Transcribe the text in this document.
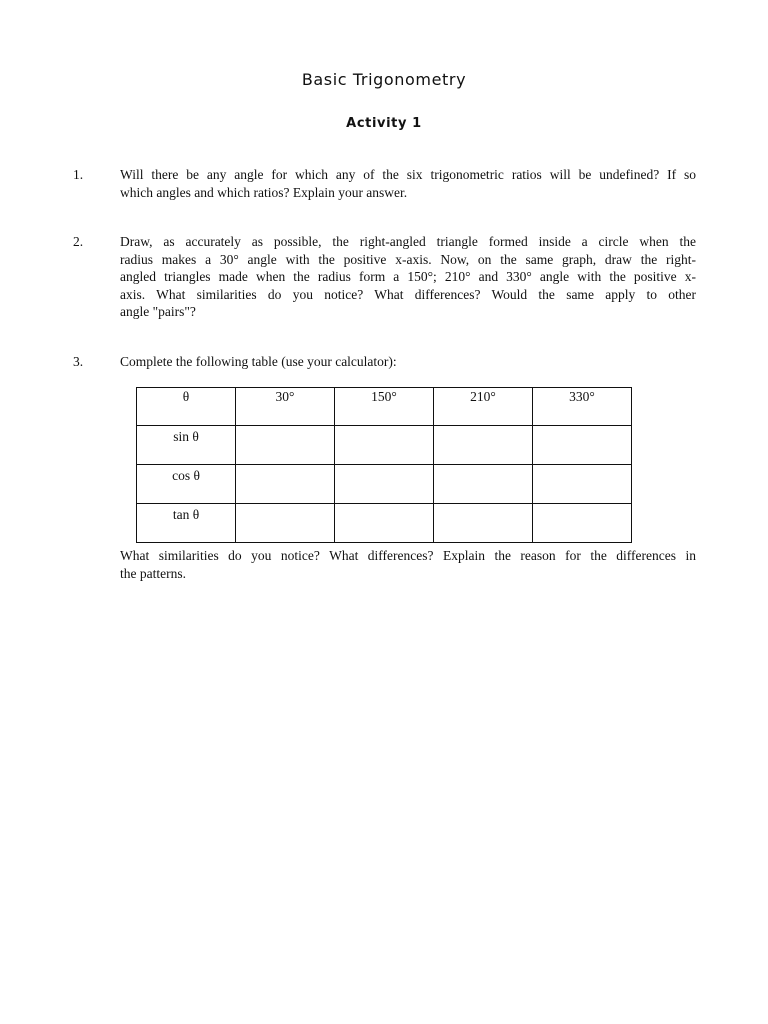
Basic Trigonometry
Activity 1
1.	Will there be any angle for which any of the six trigonometric ratios will be undefined? If so
which angles and which ratios? Explain your answer.
2.	Draw, as accurately as possible, the right-angled triangle formed inside a circle when the
radius makes a 30° angle with the positive x-axis. Now, on the same graph, draw the right-
angled triangles made when the radius form a 150°; 210° and 330° angle with the positive x-
axis. What similarities do you notice? What differences? Would the same apply to other
angle "pairs"?
3.	Complete the following table (use your calculator):
θ	30°	150°	210°	330°
sin θ				
cos θ				
tan θ				
What similarities do you notice? What differences? Explain the reason for the differences in
the patterns.
